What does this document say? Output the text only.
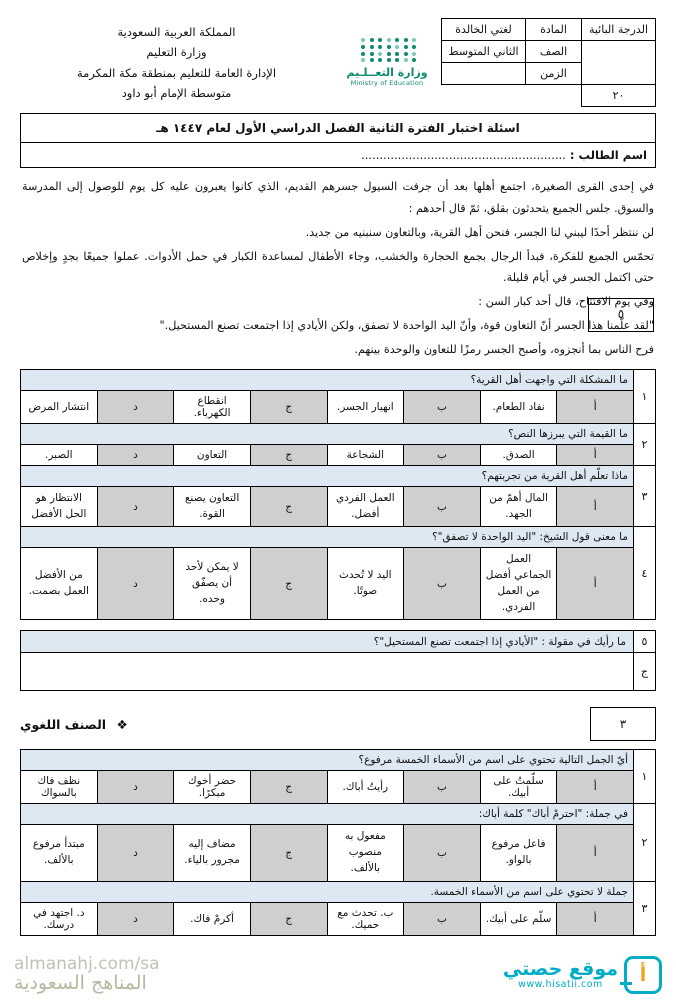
الدرجة البائية	المادة	لغتي الخالدة
	الصف	الثاني المتوسط
	الزمن	
٢٠		
وزارة التعــلـيم
Ministry of Education
المملكة العربية السعودية
وزارة التعليم
الإدارة العامة للتعليم بمنطقة مكة المكرمة
متوسطة الإمام أبو داود
اسئلة اختبار الفترة الثانية الفصل الدراسي الأول لعام ١٤٤٧ هـ
اسم الطالب : ........................................................

في إحدى القرى الصغيرة، اجتمع أهلها بعد أن جرفت السيول جسرهم القديم، الذي كانوا يعبرون عليه كل يوم للوصول إلى المدرسة والسوق. جلس الجميع يتحدثون بقلق، ثمّ قال أحدهم :

لن ننتظر أحدًا ليبني لنا الجسر، فنحن أهل القرية، وبالتعاون سنبنيه من جديد.

تحمّس الجميع للفكرة، فبدأ الرجال بجمع الحجارة والخشب، وجاء الأطفال لمساعدة الكبار في حمل الأدوات. عملوا جميعًا بجدٍ وإخلاص حتى اكتمل الجسر في أيام قليلة.

وفي يوم الافتتاح، قال أحد كبار السن :

"لقد علّمنا هذا الجسر أنّ التعاون قوة، وأنّ اليد الواحدة لا تصفق، ولكن الأيادي إذا اجتمعت تصنع المستحيل."

فرح الناس بما أنجزوه، وأصبح الجسر رمزًا للتعاون والوحدة بينهم.

٥
١	ما المشكلة التي واجهت أهل القرية؟							
	أ	نفاد الطعام.	ب	انهيار الجسر.	ج	انقطاع الكهرباء.	د	انتشار المرض
٢	ما القيمة التي يبرزها النص؟							
	أ	الصدق.	ب	الشجاعة	ج	التعاون	د	الصبر.
٣	ماذا تعلّم أهل القرية من تجربتهم؟							
	أ	المال أهمّ من الجهد.	ب	العمل الفردي أفضل.	ج	التعاون يصنع القوة.	د	الانتظار هو الحل الأفضل
٤	ما معنى قول الشيخ: "اليد الواحدة لا تصفق"؟							
	أ	العمل الجماعي أفضل من العمل الفردي.	ب	اليد لا تُحدث صوتًا.	ج	لا يمكن لأحد أن يصفّق وحده.	د	من الأفضل العمل بصمت.
٥	ما رأيك في مقولة : "الأيادي إذا اجتمعت تصنع المستحيل"؟
ج	
٣
❖ الصنف اللغوي
١	أيّ الجمل التالية تحتوي على اسم من الأسماء الخمسة مرفوع؟							
	أ	سلّمتُ على أبيك.	ب	رأيتُ أباك.	ج	حضر أخوك مبكرًا.	د	نظف فاك بالسواك
٢	في جملة: "احترمْ أباك" كلمة أباك:							
	أ	فاعل مرفوع بالواو.	ب	مفعول به منصوب بالألف.	ج	مضاف إليه مجرور بالياء.	د	مبتدأ مرفوع بالألف.
٣	جملة لا تحتوي على اسم من الأسماء الخمسة.							
	أ	سلّم على أبيك.	ب	ب. تحدث مع حميك.	ج	أكرمْ فاك.	د	د. اجتهد في درسك.
almanahj.com/sa
المناهج السعودية	أ
موقع حصتي
www.hisatii.com
